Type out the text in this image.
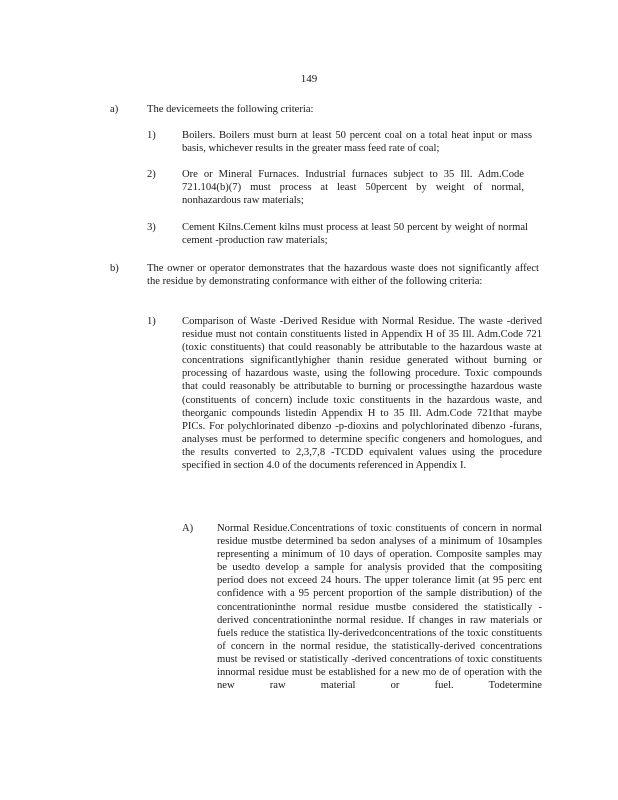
149
a)	The devicemeets the following criteria:
1) Boilers. Boilers must burn at least 50 percent coal on a total heat input or mass basis, whichever results in the greater mass feed rate of coal;
2) Ore or Mineral Furnaces. Industrial furnaces subject to 35 Ill. Adm.Code 721.104(b)(7) must process at least 50percent by weight of normal, nonhazardous raw materials;
3) Cement Kilns.Cement kilns must process at least 50 percent by weight of normal cement -production raw materials;
b)	The owner or operator demonstrates that the hazardous waste does not significantly affect the residue by demonstrating conformance with either of the following criteria:
1) Comparison of Waste -Derived Residue with Normal Residue. The waste -derived residue must not contain constituents listed in Appendix H of 35 Ill. Adm.Code 721 (toxic constituents) that could reasonably be attributable to the hazardous waste at concentrations significantlyhigher thanin residue generated without burning or processing of hazardous waste, using the following procedure. Toxic compounds that could reasonably be attributable to burning or processingthe hazardous waste (constituents of concern) include toxic constituents in the hazardous waste, and theorganic compounds listedin Appendix H to 35 Ill. Adm.Code 721that maybe PICs. For polychlorinated dibenzo -p-dioxins and polychlorinated dibenzo -furans, analyses must be performed to determine specific congeners and homologues, and the results converted to 2,3,7,8 -TCDD equivalent values using the procedure specified in section 4.0 of the documents referenced in Appendix I.
A) Normal Residue.Concentrations of toxic constituents of concern in normal residue mustbe determined ba sedon analyses of a minimum of 10samples representing a minimum of 10 days of operation. Composite samples may be usedto develop a sample for analysis provided that the compositing period does not exceed 24 hours. The upper tolerance limit (at 95 perc ent confidence with a 95 percent proportion of the sample distribution) of the concentrationinthe normal residue mustbe considered the statistically -derived concentrationinthe normal residue. If changes in raw materials or fuels reduce the statistica lly-derivedconcentrations of the toxic constituents of concern in the normal residue, the statistically-derived concentrations must be revised or statistically -derived concentrations of toxic constituents innormal residue must be established for a new mo de of operation with the new raw material or fuel. Todetermine
